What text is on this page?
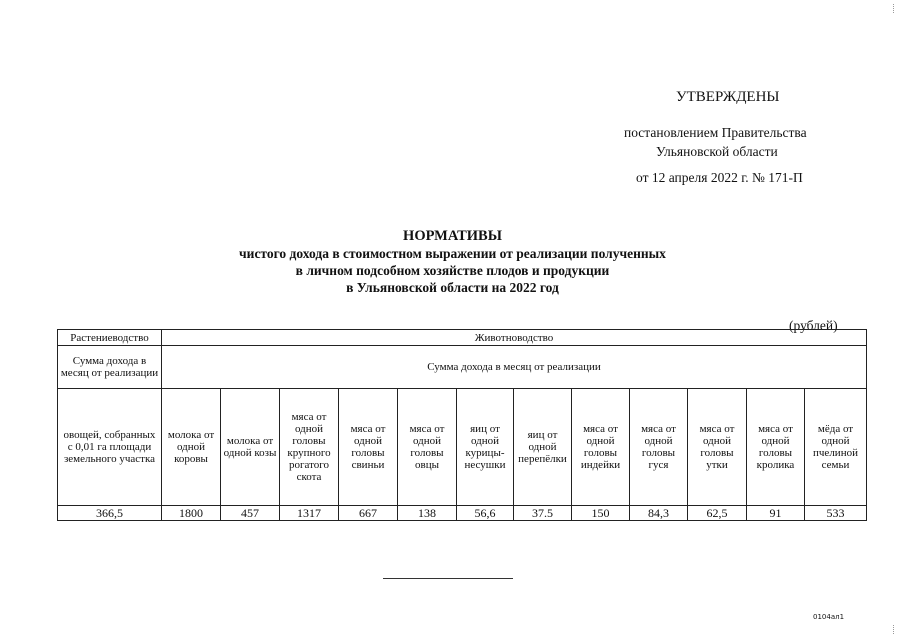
УТВЕРЖДЕНЫ
постановлением Правительства
Ульяновской области
от 12 апреля 2022 г. № 171-П
НОРМАТИВЫ
чистого дохода в стоимостном выражении от реализации полученных
в личном подсобном хозяйстве плодов и продукции
в Ульяновской области на 2022 год
(рублей)
Растениеводство	Животноводство											
Сумма дохода в месяц от реализации	Сумма дохода в месяц от реализации											
овощей, собранных с 0,01 га площади земельного участка	молока от одной коровы	молока от одной козы	мяса от одной головы крупного рогатого скота	мяса от одной головы свиньи	мяса от одной головы овцы	яиц от одной курицы-несушки	яиц от одной перепёлки	мяса от одной головы индейки	мяса от одной головы гуся	мяса от одной головы утки	мяса от одной головы кролика	мёда от одной пчелиной семьи
366,5	1800	457	1317	667	138	56,6	37.5	150	84,3	62,5	91	533
0104ал1
